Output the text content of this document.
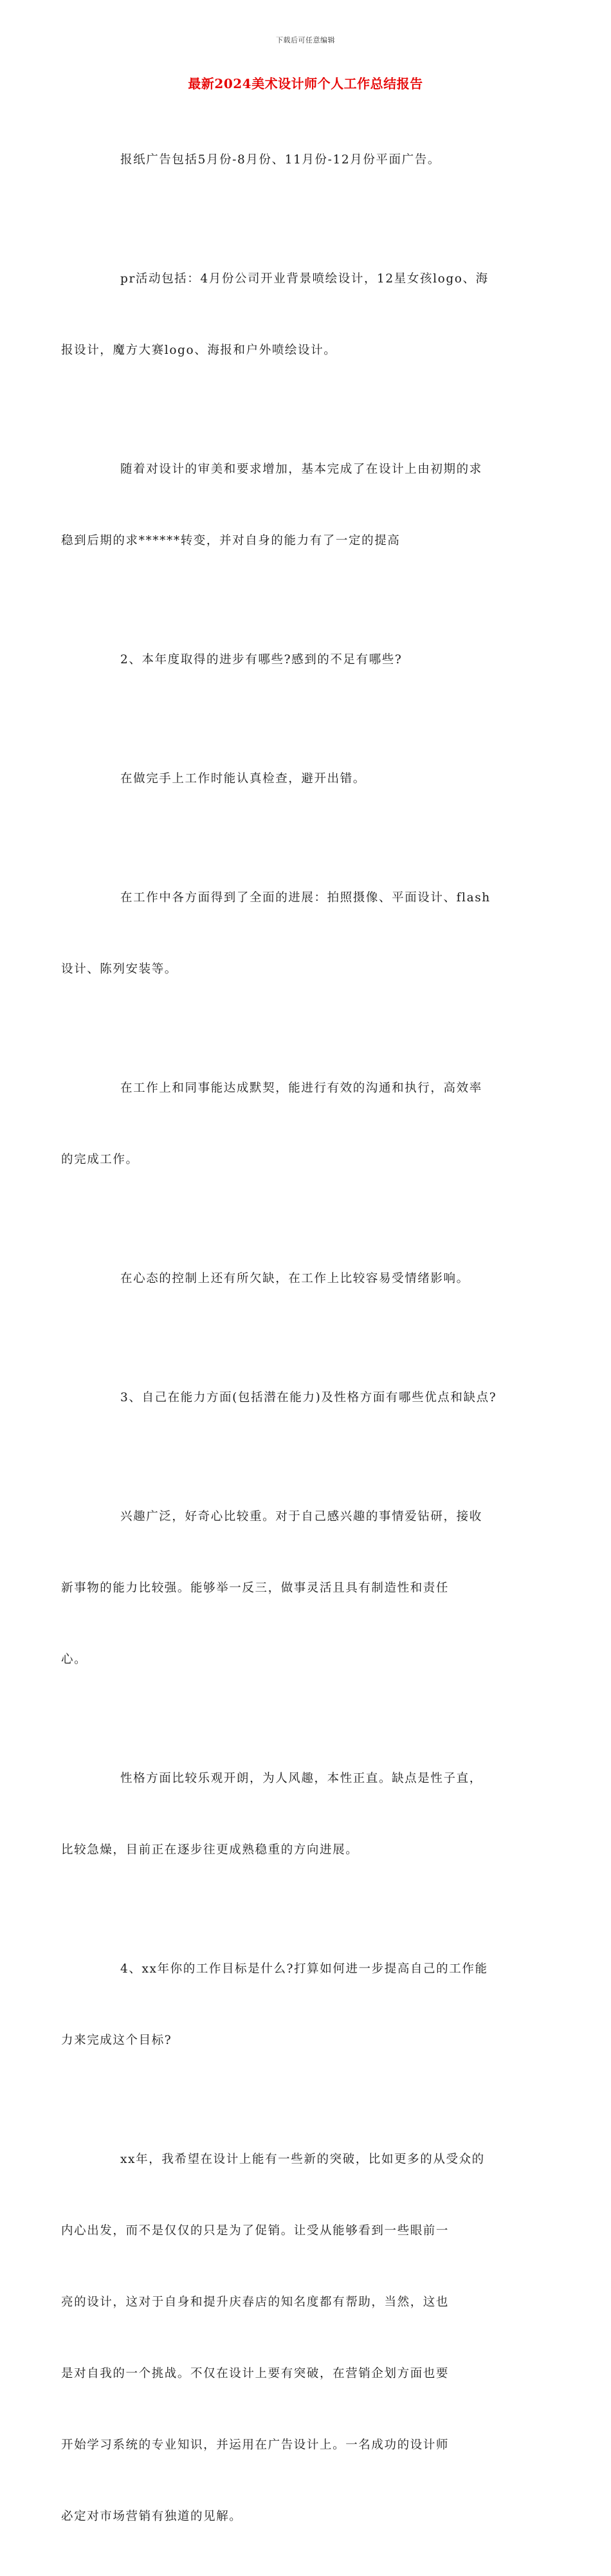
下载后可任意编辑
最新2024美术设计师个人工作总结报告

报纸广告包括5月份-8月份、11月份-12月份平面广告。

pr活动包括：4月份公司开业背景喷绘设计，12星女孩logo、海

报设计，魔方大赛logo、海报和户外喷绘设计。

随着对设计的审美和要求增加，基本完成了在设计上由初期的求

稳到后期的求******转变，并对自身的能力有了一定的提高

2、本年度取得的进步有哪些?感到的不足有哪些?

在做完手上工作时能认真检查，避开出错。

在工作中各方面得到了全面的进展：拍照摄像、平面设计、flash

设计、陈列安装等。

在工作上和同事能达成默契，能进行有效的沟通和执行，高效率

的完成工作。

在心态的控制上还有所欠缺，在工作上比较容易受情绪影响。

3、自己在能力方面(包括潜在能力)及性格方面有哪些优点和缺点?

兴趣广泛，好奇心比较重。对于自己感兴趣的事情爱钻研，接收

新事物的能力比较强。能够举一反三，做事灵活且具有制造性和责任

心。

性格方面比较乐观开朗，为人风趣，本性正直。缺点是性子直，

比较急燥，目前正在逐步往更成熟稳重的方向进展。

4、xx年你的工作目标是什么?打算如何进一步提高自己的工作能

力来完成这个目标?

xx年，我希望在设计上能有一些新的突破，比如更多的从受众的

内心出发，而不是仅仅的只是为了促销。让受从能够看到一些眼前一

亮的设计，这对于自身和提升庆春店的知名度都有帮助，当然，这也

是对自我的一个挑战。不仅在设计上要有突破，在营销企划方面也要

开始学习系统的专业知识，并运用在广告设计上。一名成功的设计师

必定对市场营销有独道的见解。
